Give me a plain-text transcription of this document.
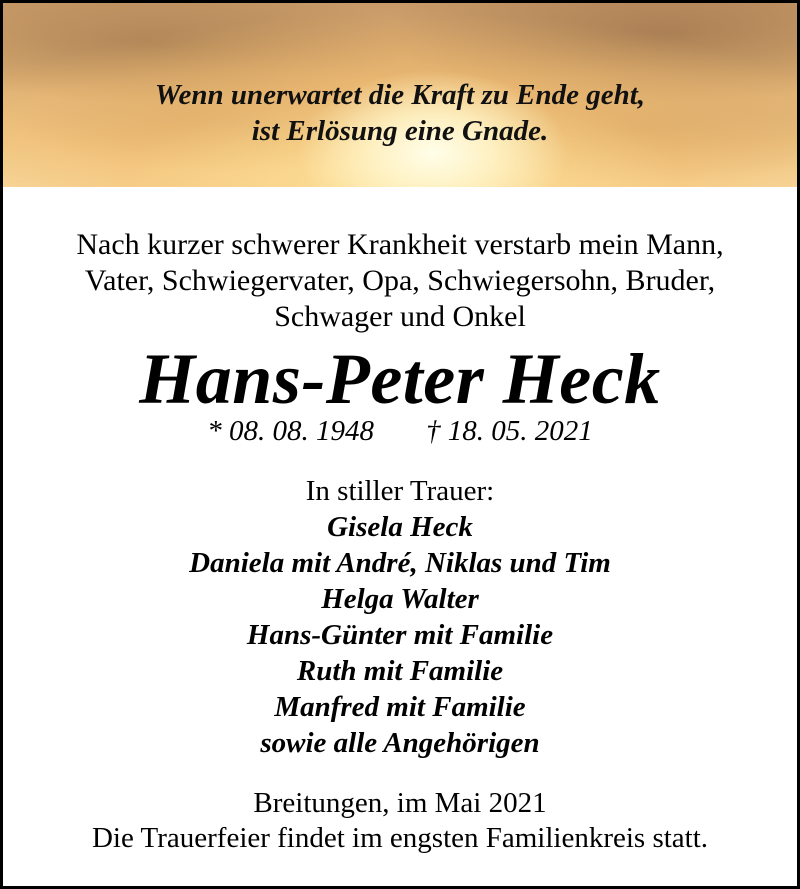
Wenn unerwartet die Kraft zu Ende geht,
ist Erlösung eine Gnade.
Nach kurzer schwerer Krankheit verstarb mein Mann,
Vater, Schwiegervater, Opa, Schwiegersohn, Bruder,
Schwager und Onkel
Hans-Peter Heck
* 08. 08. 1948 † 18. 05. 2021
In stiller Trauer:
Gisela Heck
Daniela mit André, Niklas und Tim
Helga Walter
Hans-Günter mit Familie
Ruth mit Familie
Manfred mit Familie
sowie alle Angehörigen
Breitungen, im Mai 2021
Die Trauerfeier findet im engsten Familienkreis statt.
